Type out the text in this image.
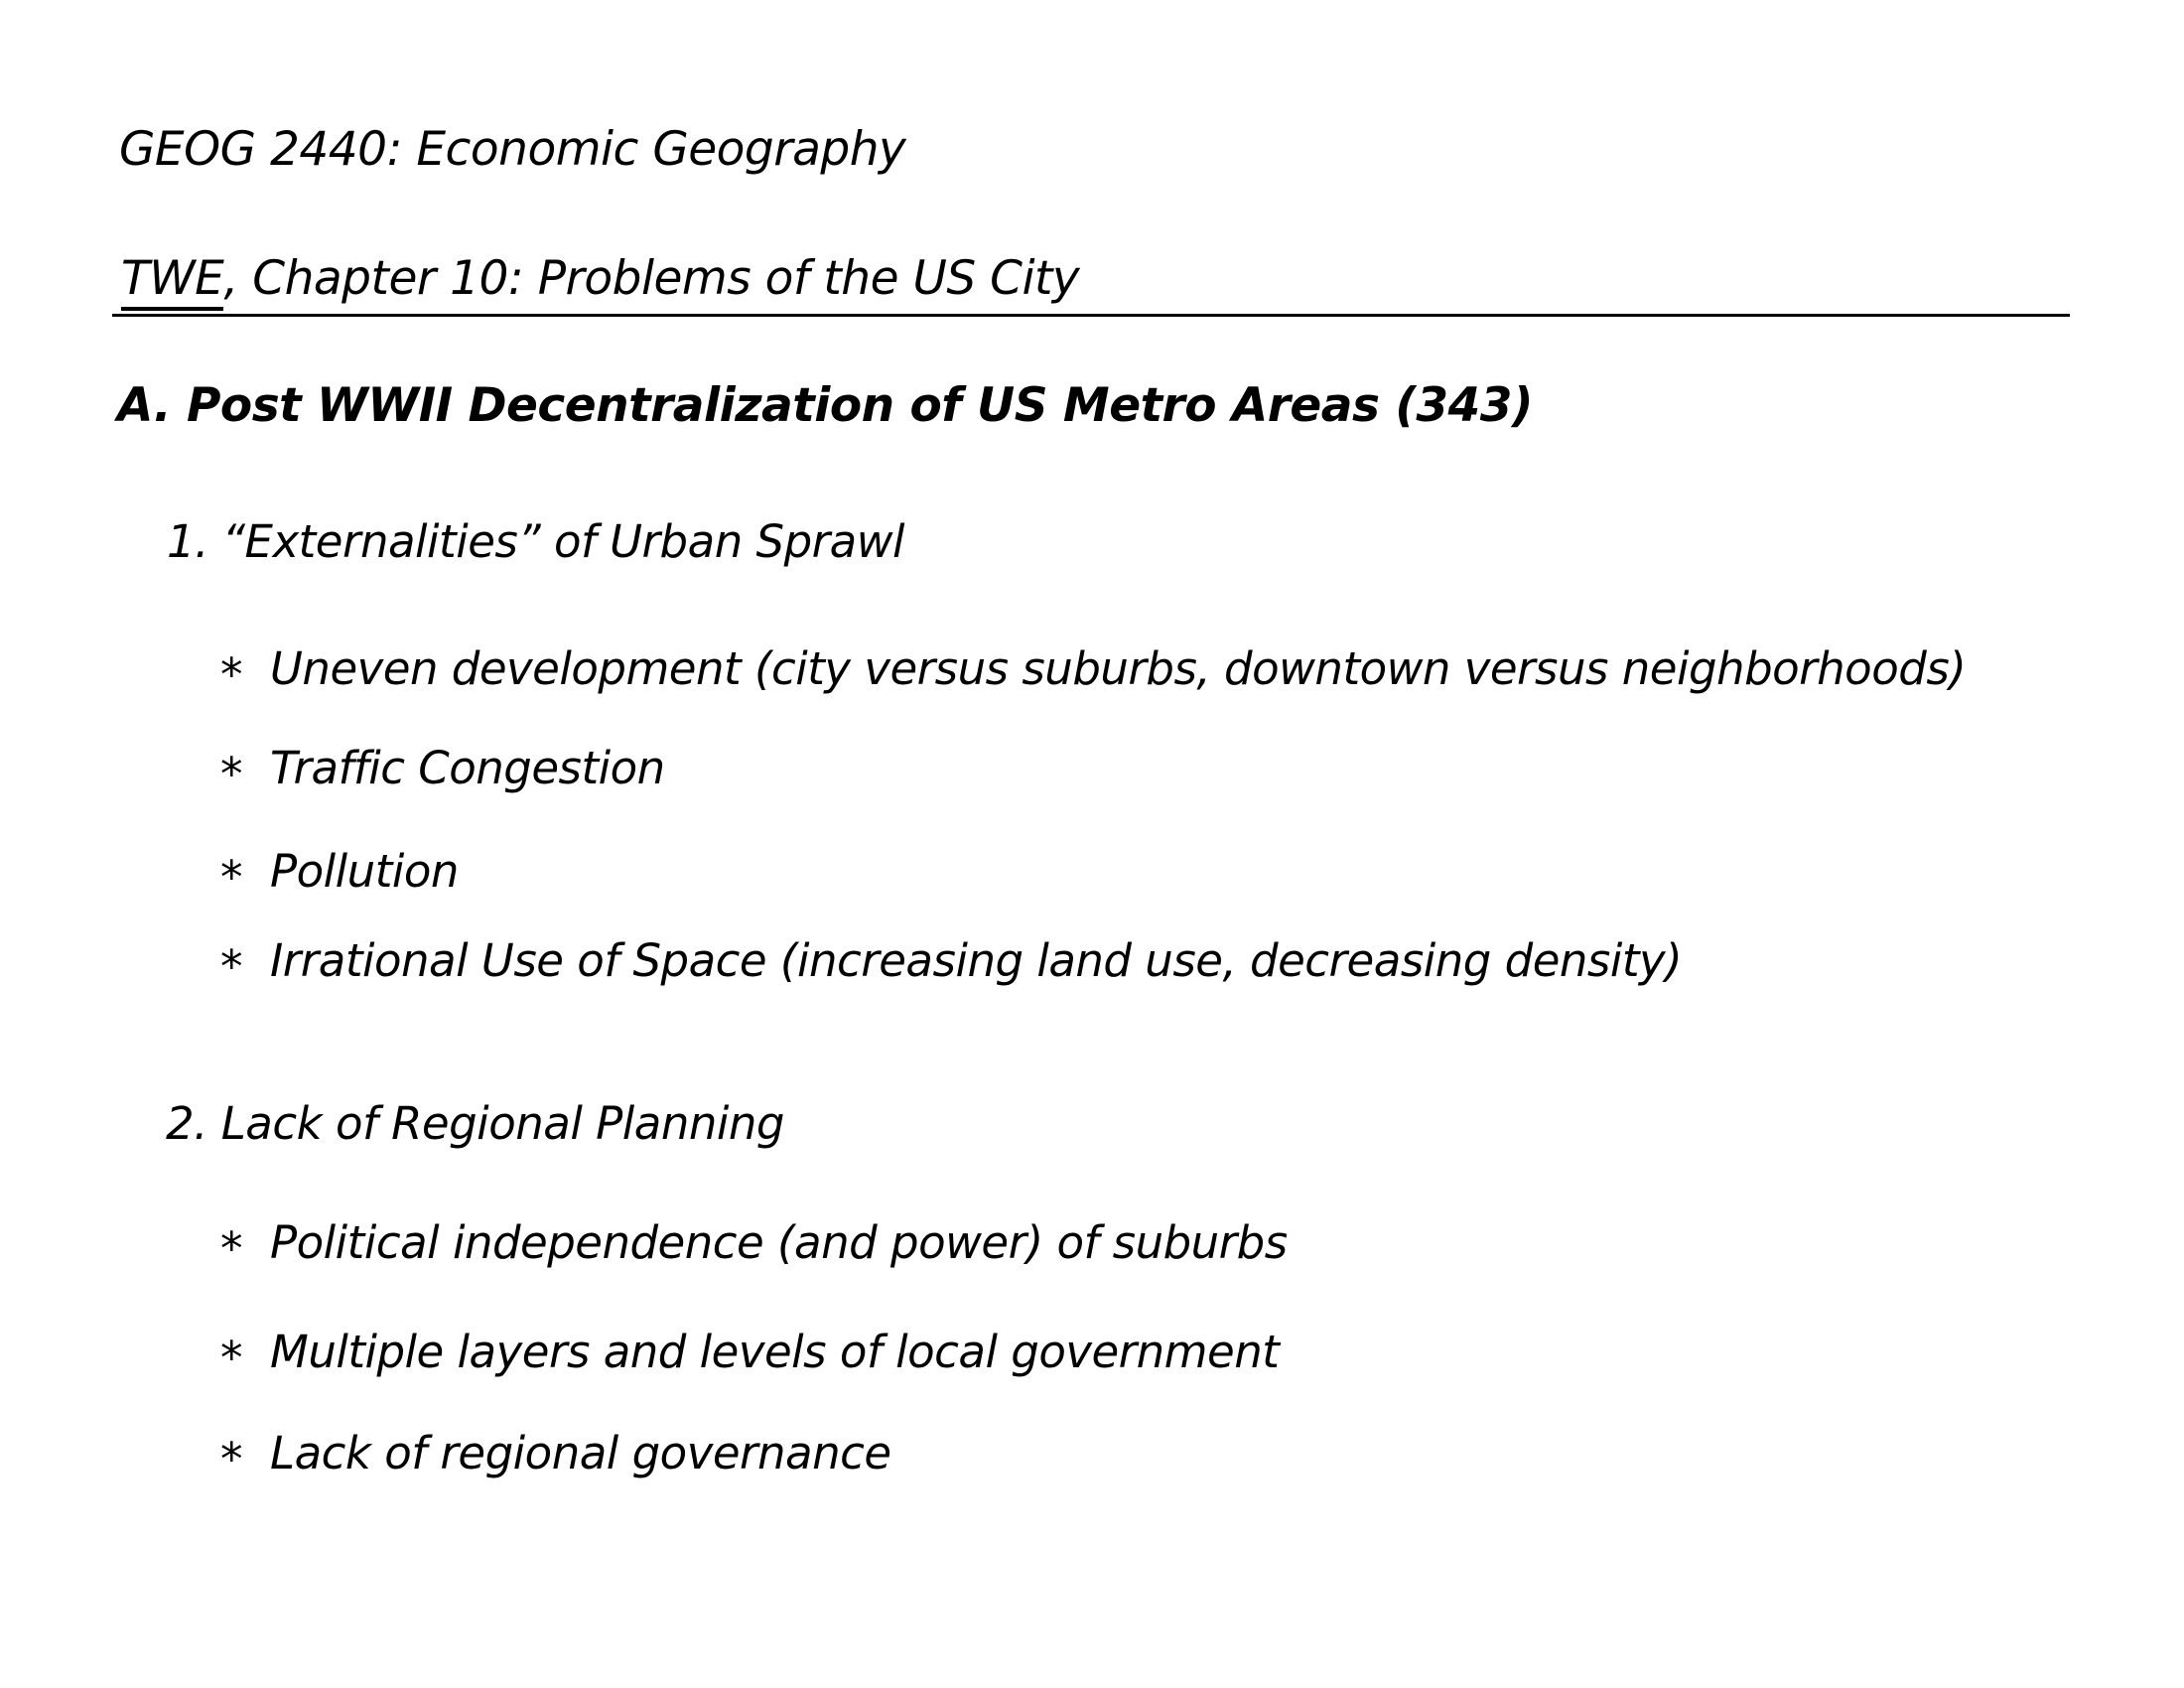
GEOG 2440: Economic Geography
TWE, Chapter 10: Problems of the US City
A. Post WWII Decentralization of US Metro Areas (343)
1. “Externalities” of Urban Sprawl
* Uneven development (city versus suburbs, downtown versus neighborhoods)
* Traffic Congestion
* Pollution
* Irrational Use of Space (increasing land use, decreasing density)
2. Lack of Regional Planning
* Political independence (and power) of suburbs
* Multiple layers and levels of local government
* Lack of regional governance
